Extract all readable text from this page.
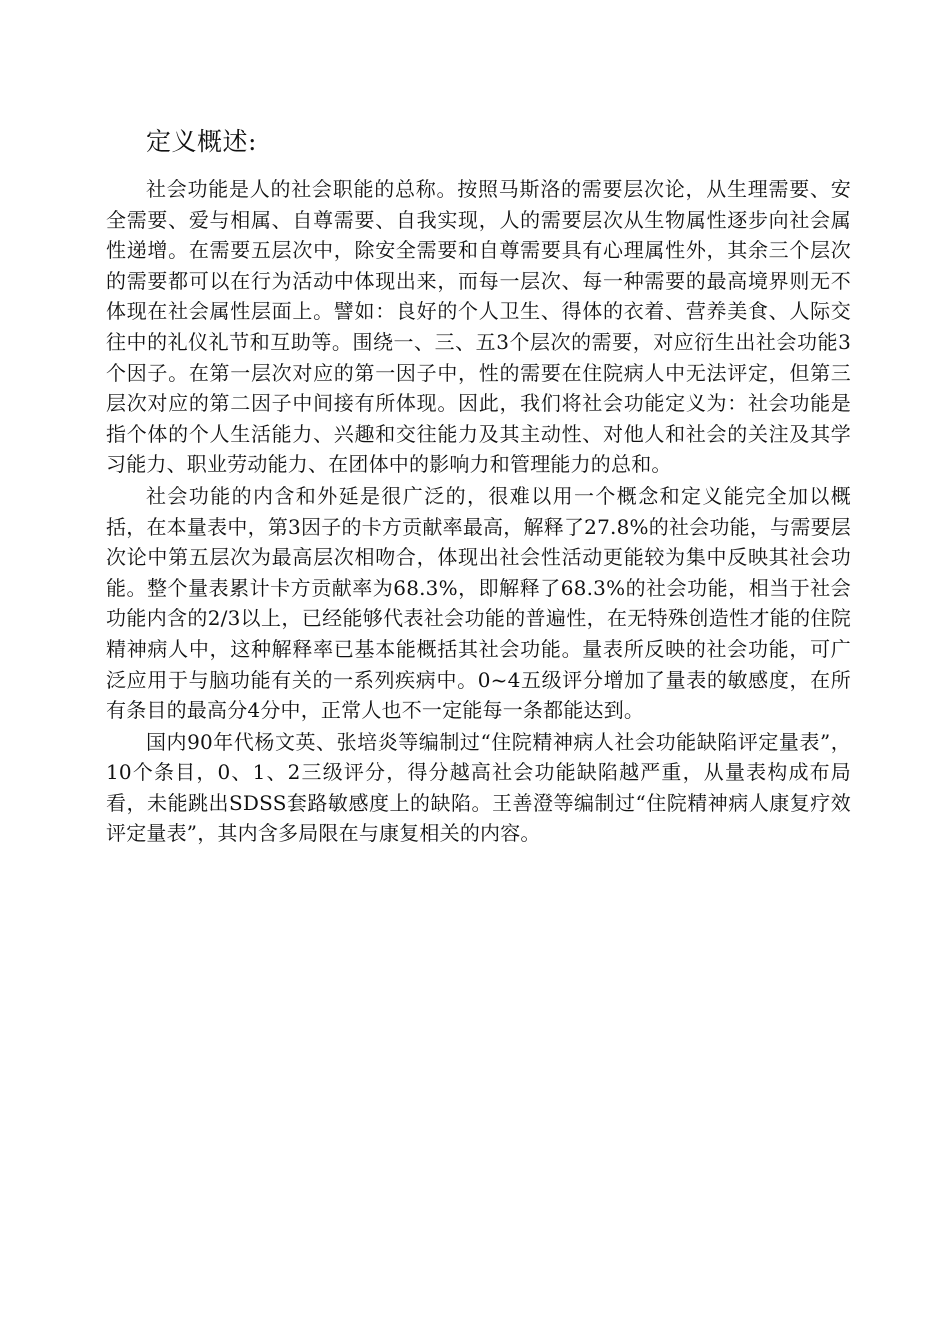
定义概述:

社会功能是人的社会职能的总称。按照马斯洛的需要层次论，从生理需要、安全需要、爱与相属、自尊需要、自我实现，人的需要层次从生物属性逐步向社会属性递增。在需要五层次中，除安全需要和自尊需要具有心理属性外，其余三个层次的需要都可以在行为活动中体现出来，而每一层次、每一种需要的最高境界则无不体现在社会属性层面上。譬如：良好的个人卫生、得体的衣着、营养美食、人际交往中的礼仪礼节和互助等。围绕一、三、五3个层次的需要，对应衍生出社会功能3个因子。在第一层次对应的第一因子中，性的需要在住院病人中无法评定，但第三层次对应的第二因子中间接有所体现。因此，我们将社会功能定义为：社会功能是指个体的个人生活能力、兴趣和交往能力及其主动性、对他人和社会的关注及其学习能力、职业劳动能力、在团体中的影响力和管理能力的总和。

社会功能的内含和外延是很广泛的，很难以用一个概念和定义能完全加以概括，在本量表中，第3因子的卡方贡献率最高，解释了27.8%的社会功能，与需要层次论中第五层次为最高层次相吻合，体现出社会性活动更能较为集中反映其社会功能。整个量表累计卡方贡献率为68.3%，即解释了68.3%的社会功能，相当于社会功能内含的2/3以上，已经能够代表社会功能的普遍性，在无特殊创造性才能的住院精神病人中，这种解释率已基本能概括其社会功能。量表所反映的社会功能，可广泛应用于与脑功能有关的一系列疾病中。0~4五级评分增加了量表的敏感度，在所有条目的最高分4分中，正常人也不一定能每一条都能达到。

国内90年代杨文英、张培炎等编制过“住院精神病人社会功能缺陷评定量表”，10个条目，0、1、2三级评分，得分越高社会功能缺陷越严重，从量表构成布局看，未能跳出SDSS套路敏感度上的缺陷。王善澄等编制过“住院精神病人康复疗效评定量表”，其内含多局限在与康复相关的内容。
